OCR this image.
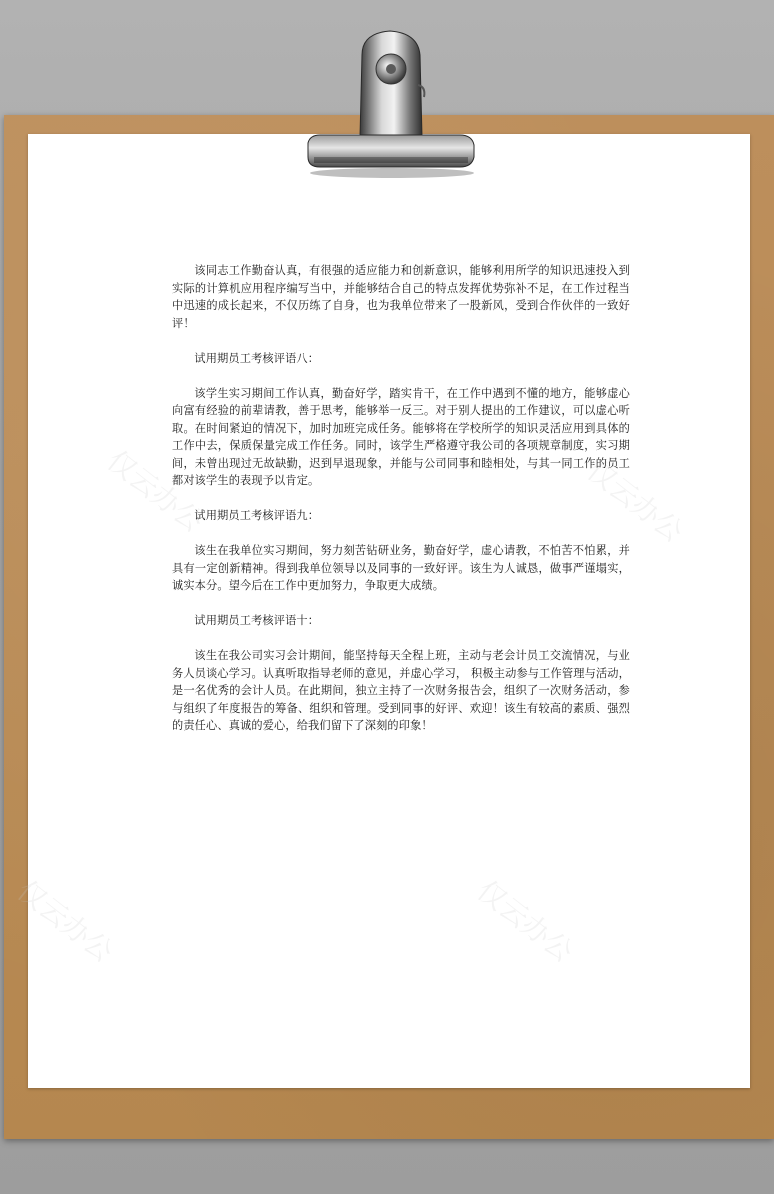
仅云办公	仅云办公
仅云办公	仅云办公

该同志工作勤奋认真，有很强的适应能力和创新意识，能够利用所学的知识迅速投入到实际的计算机应用程序编写当中，并能够结合自己的特点发挥优势弥补不足，在工作过程当中迅速的成长起来，不仅历练了自身，也为我单位带来了一股新风，受到合作伙伴的一致好评！

试用期员工考核评语八：

该学生实习期间工作认真，勤奋好学，踏实肯干，在工作中遇到不懂的地方，能够虚心向富有经验的前辈请教，善于思考，能够举一反三。对于别人提出的工作建议，可以虚心听取。在时间紧迫的情况下，加时加班完成任务。能够将在学校所学的知识灵活应用到具体的工作中去，保质保量完成工作任务。同时，该学生严格遵守我公司的各项规章制度，实习期间，未曾出现过无故缺勤，迟到早退现象，并能与公司同事和睦相处，与其一同工作的员工都对该学生的表现予以肯定。

试用期员工考核评语九：

该生在我单位实习期间，努力刻苦钻研业务，勤奋好学，虚心请教，不怕苦不怕累，并具有一定创新精神。得到我单位领导以及同事的一致好评。该生为人诚恳，做事严谨塌实，诚实本分。望今后在工作中更加努力，争取更大成绩。

试用期员工考核评语十：

该生在我公司实习会计期间，能坚持每天全程上班，主动与老会计员工交流情况，与业务人员谈心学习。认真听取指导老师的意见，并虚心学习， 积极主动参与工作管理与活动，是一名优秀的会计人员。在此期间，独立主持了一次财务报告会，组织了一次财务活动，参与组织了年度报告的筹备、组织和管理。受到同事的好评、欢迎！该生有较高的素质、强烈的责任心、真诚的爱心，给我们留下了深刻的印象！
